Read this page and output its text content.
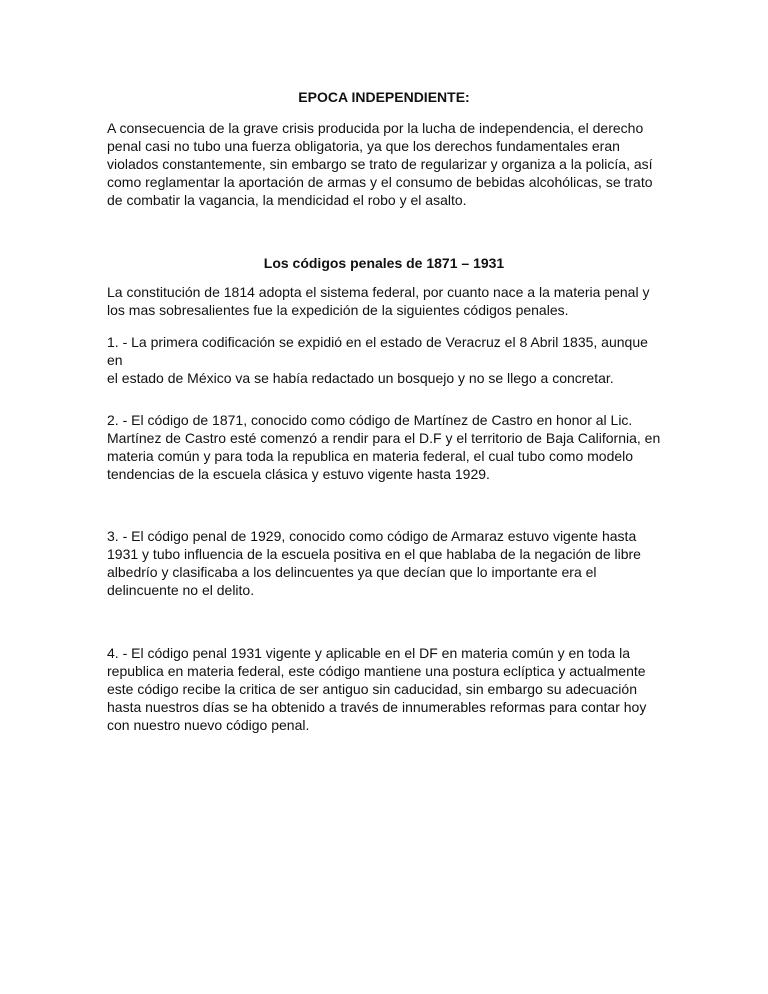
EPOCA INDEPENDIENTE:

A consecuencia de la grave crisis producida por la lucha de independencia, el derecho
penal casi no tubo una fuerza obligatoria, ya que los derechos fundamentales eran
violados constantemente, sin embargo se trato de regularizar y organiza a la policía, así
como reglamentar la aportación de armas y el consumo de bebidas alcohólicas, se trato
de combatir la vagancia, la mendicidad el robo y el asalto.

Los códigos penales de 1871 – 1931

La constitución de 1814 adopta el sistema federal, por cuanto nace a la materia penal y
los mas sobresalientes fue la expedición de la siguientes códigos penales.

1. - La primera codificación se expidió en el estado de Veracruz el 8 Abril 1835, aunque en
el estado de México va se había redactado un bosquejo y no se llego a concretar.

2. - El código de 1871, conocido como código de Martínez de Castro en honor al Lic.
Martínez de Castro esté comenzó a rendir para el D.F y el territorio de Baja California, en
materia común y para toda la republica en materia federal, el cual tubo como modelo
tendencias de la escuela clásica y estuvo vigente hasta 1929.

3. - El código penal de 1929, conocido como código de Armaraz estuvo vigente hasta
1931 y tubo influencia de la escuela positiva en el que hablaba de la negación de libre
albedrío y clasificaba a los delincuentes ya que decían que lo importante era el
delincuente no el delito.

4. - El código penal 1931 vigente y aplicable en el DF en materia común y en toda la
republica en materia federal, este código mantiene una postura eclíptica y actualmente
este código recibe la critica de ser antiguo sin caducidad, sin embargo su adecuación
hasta nuestros días se ha obtenido a través de innumerables reformas para contar hoy
con nuestro nuevo código penal.
